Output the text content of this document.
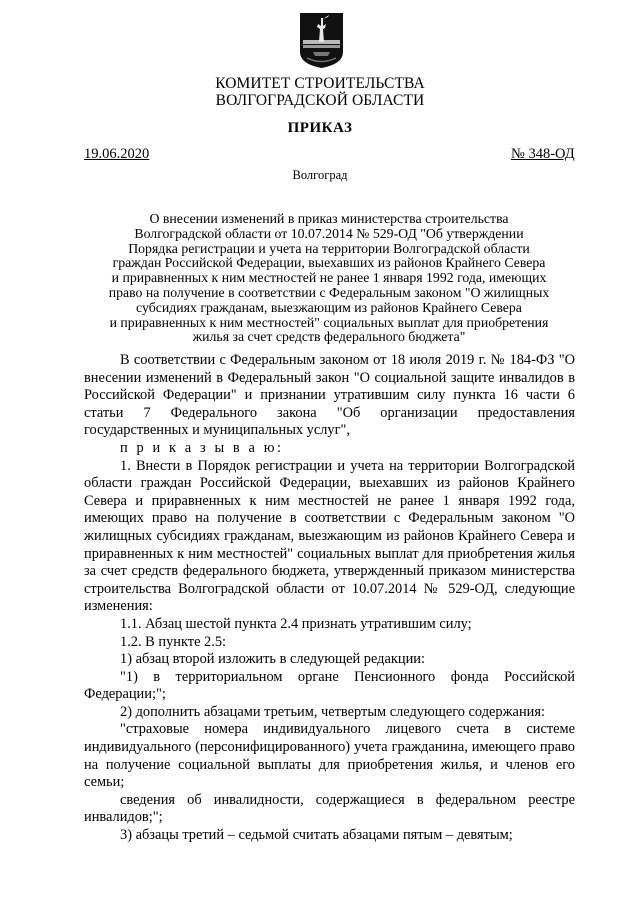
КОМИТЕТ СТРОИТЕЛЬСТВА
ВОЛГОГРАДСКОЙ ОБЛАСТИ
ПРИКАЗ
19.06.2020	№ 348-ОД
Волгоград
О внесении изменений в приказ министерства строительства
Волгоградской области от 10.07.2014 № 529-ОД "Об утверждении
Порядка регистрации и учета на территории Волгоградской области
граждан Российской Федерации, выехавших из районов Крайнего Севера
и приравненных к ним местностей не ранее 1 января 1992 года, имеющих
право на получение в соответствии с Федеральным законом "О жилищных
субсидиях гражданам, выезжающим из районов Крайнего Севера
и приравненных к ним местностей" социальных выплат для приобретения
жилья за счет средств федерального бюджета"

В соответствии с Федеральным законом от 18 июля 2019 г. № 184-ФЗ "О внесении изменений в Федеральный закон "О социальной защите инвалидов в Российской Федерации" и признании утратившим силу пункта 16 части 6 статьи 7 Федерального закона "Об организации предоставления государственных и муниципальных услуг",

п р и к а з ы в а ю:

1. Внести в Порядок регистрации и учета на территории Волгоградской области граждан Российской Федерации, выехавших из районов Крайнего Севера и приравненных к ним местностей не ранее 1 января 1992 года, имеющих право на получение в соответствии с Федеральным законом "О жилищных субсидиях гражданам, выезжающим из районов Крайнего Севера и приравненных к ним местностей" социальных выплат для приобретения жилья за счет средств федерального бюджета, утвержденный приказом министерства строительства Волгоградской области от 10.07.2014 № 529-ОД, следующие изменения:

1.1. Абзац шестой пункта 2.4 признать утратившим силу;

1.2. В пункте 2.5:

1) абзац второй изложить в следующей редакции:

"1) в территориальном органе Пенсионного фонда Российской Федерации;";

2) дополнить абзацами третьим, четвертым следующего содержания:

"страховые номера индивидуального лицевого счета в системе индивидуального (персонифицированного) учета гражданина, имеющего право на получение социальной выплаты для приобретения жилья, и членов его семьи;

сведения об инвалидности, содержащиеся в федеральном реестре инвалидов;";

3) абзацы третий – седьмой считать абзацами пятым – девятым;
